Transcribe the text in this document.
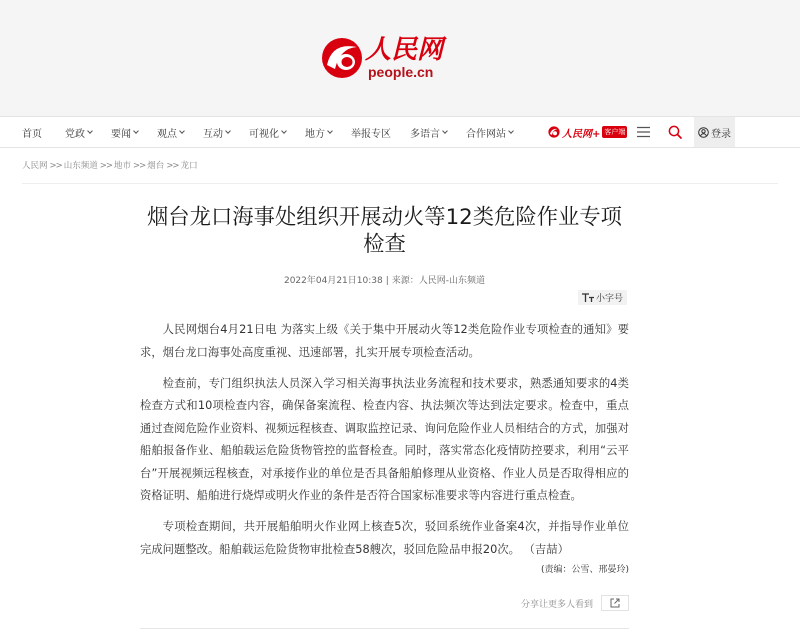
人民网
people.cn
首页 党政	要闻	观点	互动	可视化	地方	举报专区 多语言	合作网站	人民网+ 客户端	登录
人民网 >> 山东频道 >> 地市 >> 烟台 >> 龙口
烟台龙口海事处组织开展动火等12类危险作业专项检查
2022年04月21日10:38 | 来源：人民网-山东频道
小字号

人民网烟台4月21日电 为落实上级《关于集中开展动火等12类危险作业专项检查的通知》要求，烟台龙口海事处高度重视、迅速部署，扎实开展专项检查活动。

检查前，专门组织执法人员深入学习相关海事执法业务流程和技术要求，熟悉通知要求的4类检查方式和10项检查内容，确保备案流程、检查内容、执法频次等达到法定要求。检查中，重点通过查阅危险作业资料、视频远程核查、调取监控记录、询问危险作业人员相结合的方式，加强对船舶报备作业、船舶载运危险货物管控的监督检查。同时，落实常态化疫情防控要求，利用“云平台”开展视频远程核查，对承接作业的单位是否具备船舶修理从业资格、作业人员是否取得相应的资格证明、船舶进行烧焊或明火作业的条件是否符合国家标准要求等内容进行重点检查。

专项检查期间，共开展船舶明火作业网上核查5次，驳回系统作业备案4次，并指导作业单位完成问题整改。船舶载运危险货物审批检查58艘次，驳回危险品申报20次。 （吉喆）

(责编：公雪、邢晏玲)
分享让更多人看到
